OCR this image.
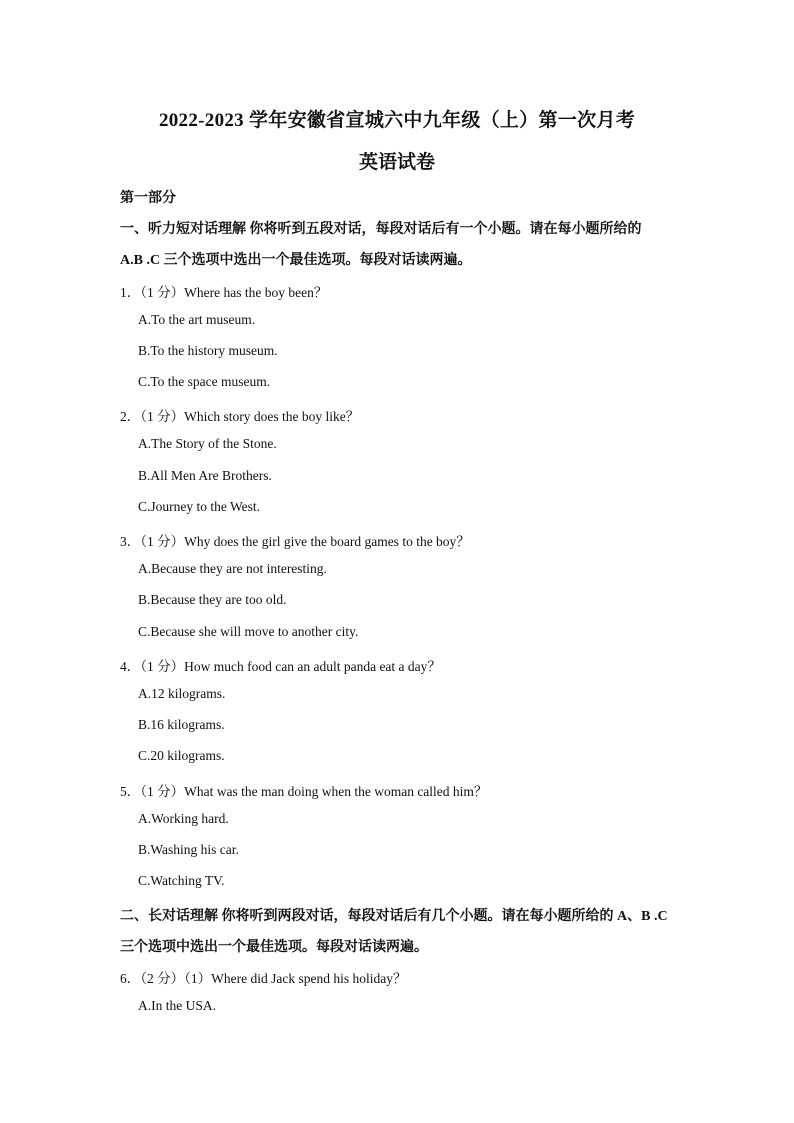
2022-2023 学年安徽省宣城六中九年级（上）第一次月考
英语试卷
第一部分
一、听力短对话理解 你将听到五段对话，每段对话后有一个小题。请在每小题所给的
A.B .C 三个选项中选出一个最佳选项。每段对话读两遍。
1．（1 分）Where has the boy been？
A.To the art museum.
B.To the history museum.
C.To the space museum.
2．（1 分）Which story does the boy like？
A.The Story of the Stone.
B.All Men Are Brothers.
C.Journey to the West.
3．（1 分）Why does the girl give the board games to the boy？
A.Because they are not interesting.
B.Because they are too old.
C.Because she will move to another city.
4．（1 分）How much food can an adult panda eat a day？
A.12 kilograms.
B.16 kilograms.
C.20 kilograms.
5．（1 分）What was the man doing when the woman called him？
A.Working hard.
B.Washing his car.
C.Watching TV.
二、长对话理解 你将听到两段对话，每段对话后有几个小题。请在每小题所给的 A、B .C
三个选项中选出一个最佳选项。每段对话读两遍。
6．（2 分）（1）Where did Jack spend his holiday？
A.In the USA.
